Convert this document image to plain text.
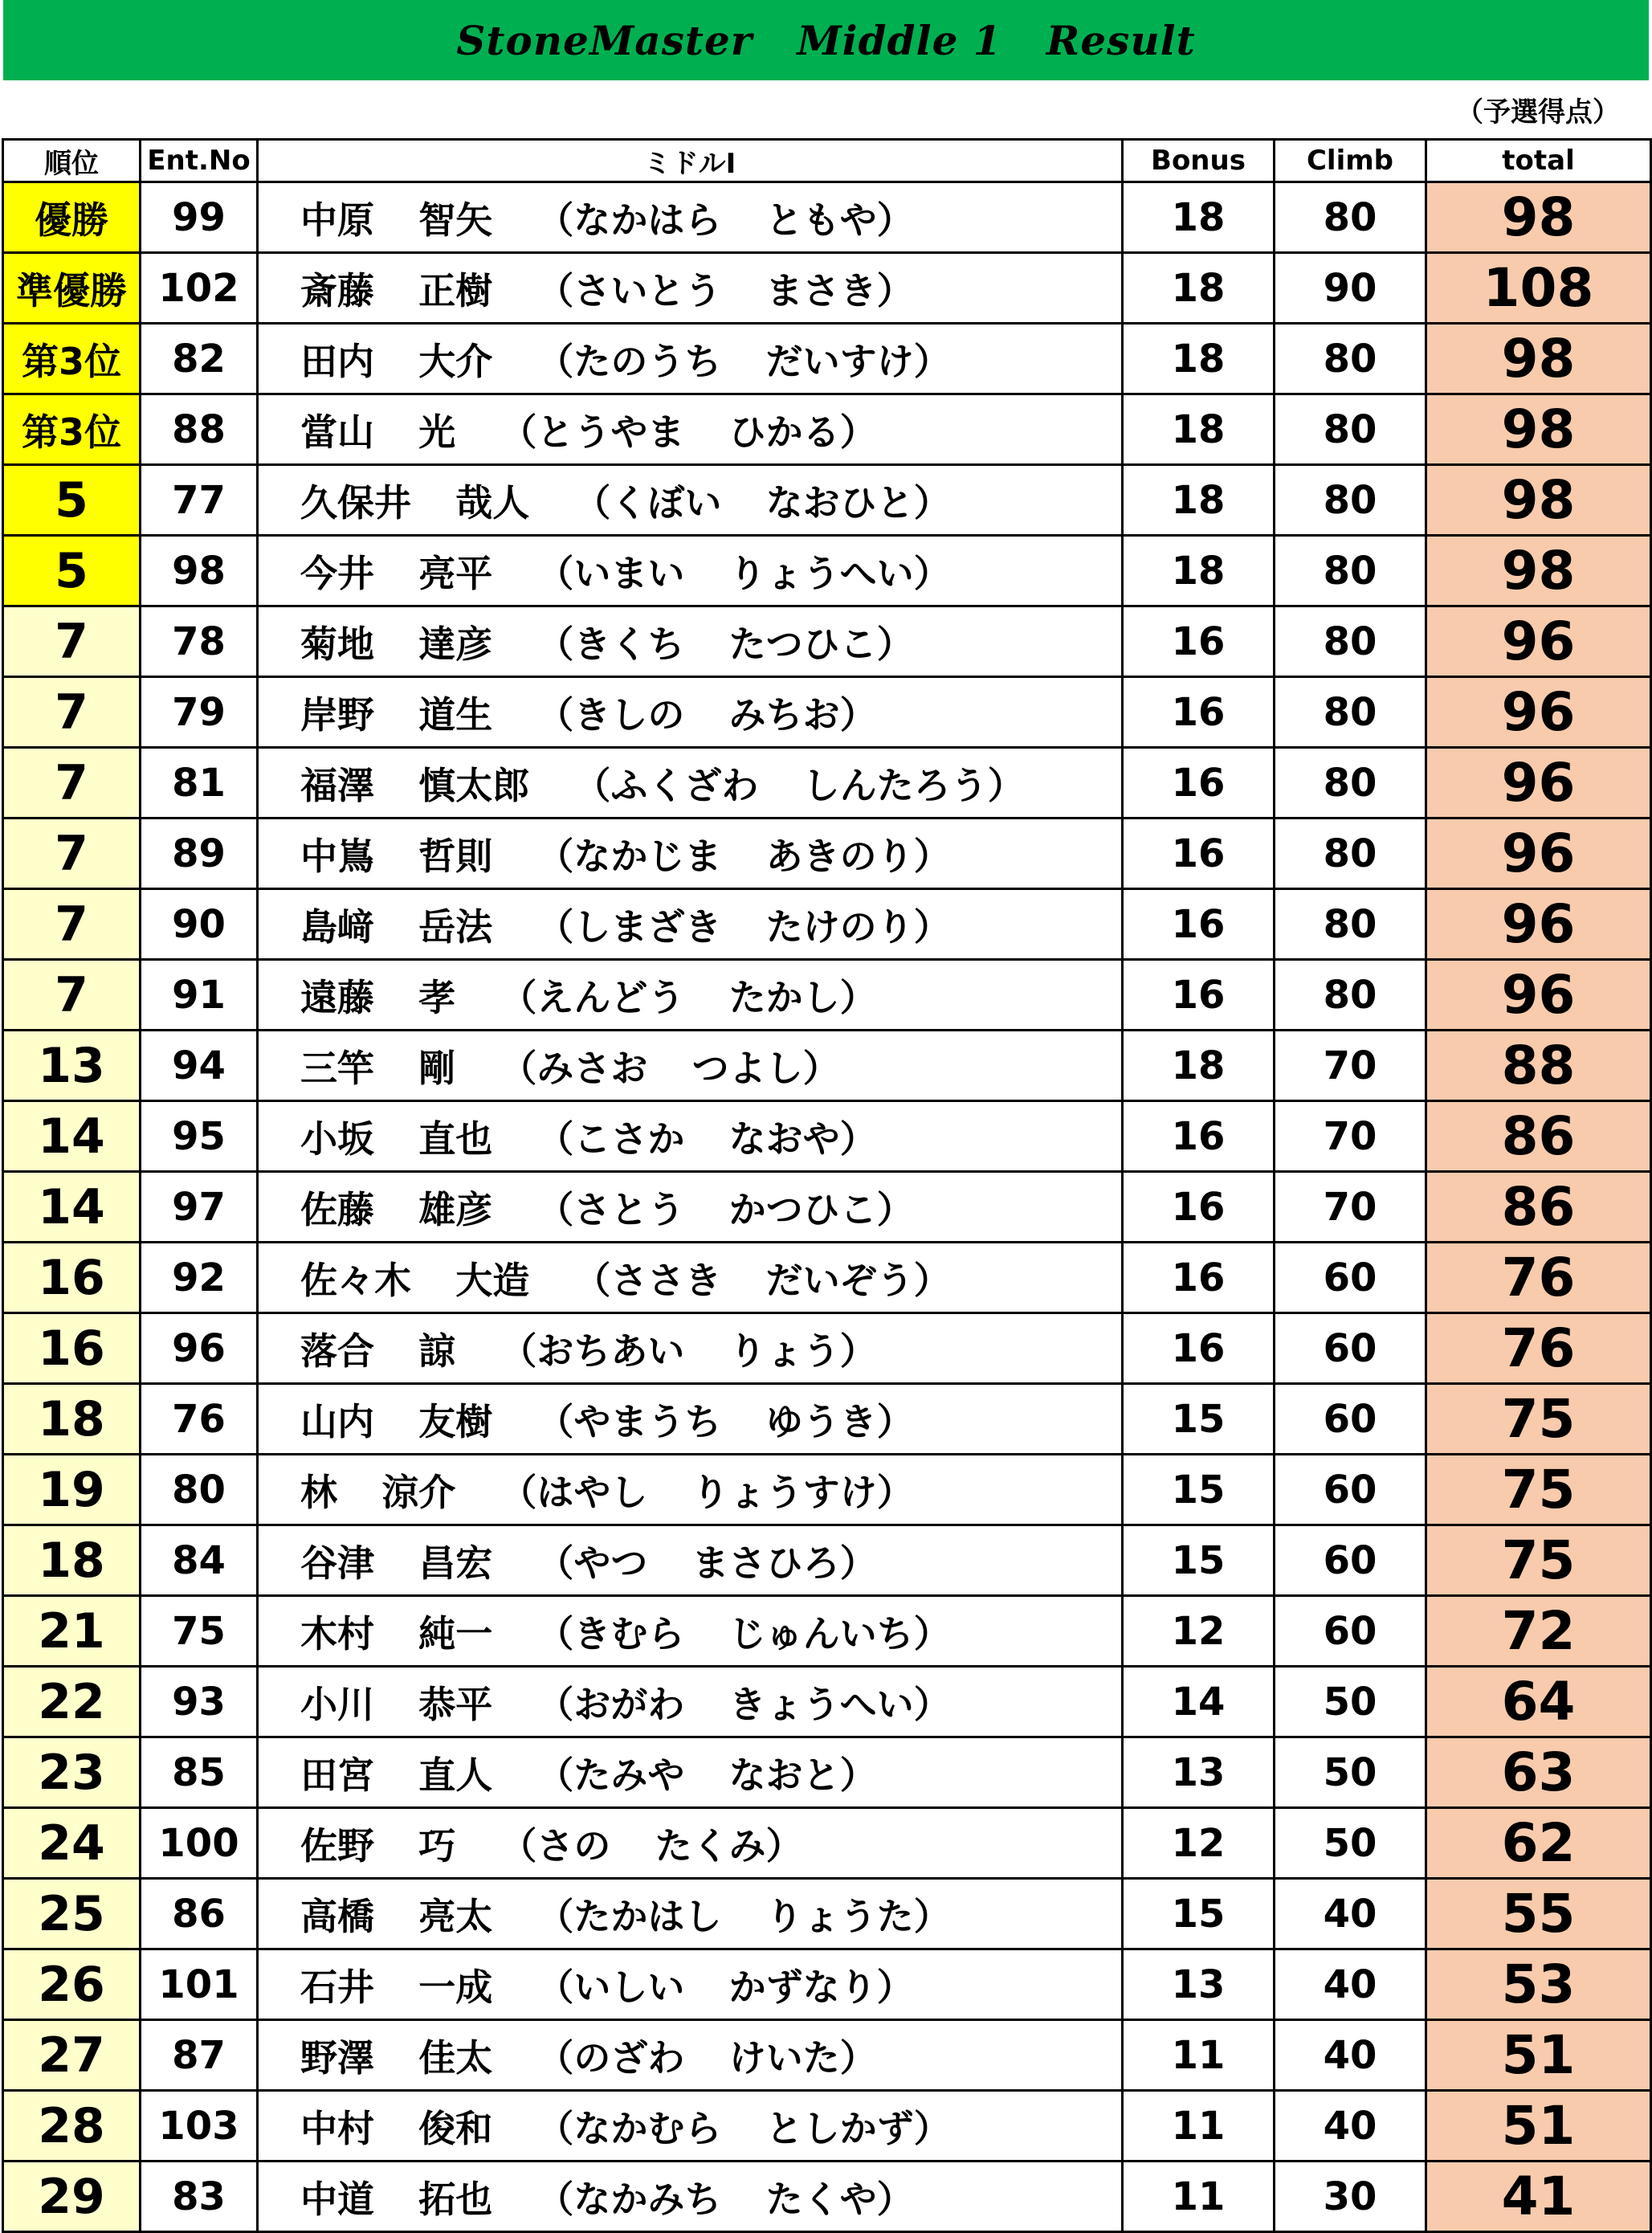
StoneMaster   Middle 1   Result
（予選得点）
順位	Ent.No	ミドルⅠ	Bonus	Climb	total
優勝	99	中原 智矢 （なかはら ともや）	18	80	98
準優勝	102	斎藤 正樹 （さいとう まさき）	18	90	108
第3位	82	田内 大介 （たのうち だいすけ）	18	80	98
第3位	88	當山 光 （とうやま ひかる）	18	80	98
5	77	久保井 哉人 （くぼい なおひと）	18	80	98
5	98	今井 亮平 （いまい りょうへい）	18	80	98
7	78	菊地 達彦 （きくち たつひこ）	16	80	96
7	79	岸野 道生 （きしの みちお）	16	80	96
7	81	福澤 慎太郎 （ふくざわ しんたろう）	16	80	96
7	89	中嶌 哲則 （なかじま あきのり）	16	80	96
7	90	島﨑 岳法 （しまざき たけのり）	16	80	96
7	91	遠藤 孝 （えんどう たかし）	16	80	96
13	94	三竿 剛 （みさお つよし）	18	70	88
14	95	小坂 直也 （こさか なおや）	16	70	86
14	97	佐藤 雄彦 （さとう かつひこ）	16	70	86
16	92	佐々木 大造 （ささき だいぞう）	16	60	76
16	96	落合 諒 （おちあい りょう）	16	60	76
18	76	山内 友樹 （やまうち ゆうき）	15	60	75
19	80	林 涼介 （はやし りょうすけ）	15	60	75
18	84	谷津 昌宏 （やつ まさひろ）	15	60	75
21	75	木村 純一 （きむら じゅんいち）	12	60	72
22	93	小川 恭平 （おがわ きょうへい）	14	50	64
23	85	田宮 直人 （たみや なおと）	13	50	63
24	100	佐野 巧 （さの たくみ）	12	50	62
25	86	高橋 亮太 （たかはし りょうた）	15	40	55
26	101	石井 一成 （いしい かずなり）	13	40	53
27	87	野澤 佳太 （のざわ けいた）	11	40	51
28	103	中村 俊和 （なかむら としかず）	11	40	51
29	83	中道 拓也 （なかみち たくや）	11	30	41
